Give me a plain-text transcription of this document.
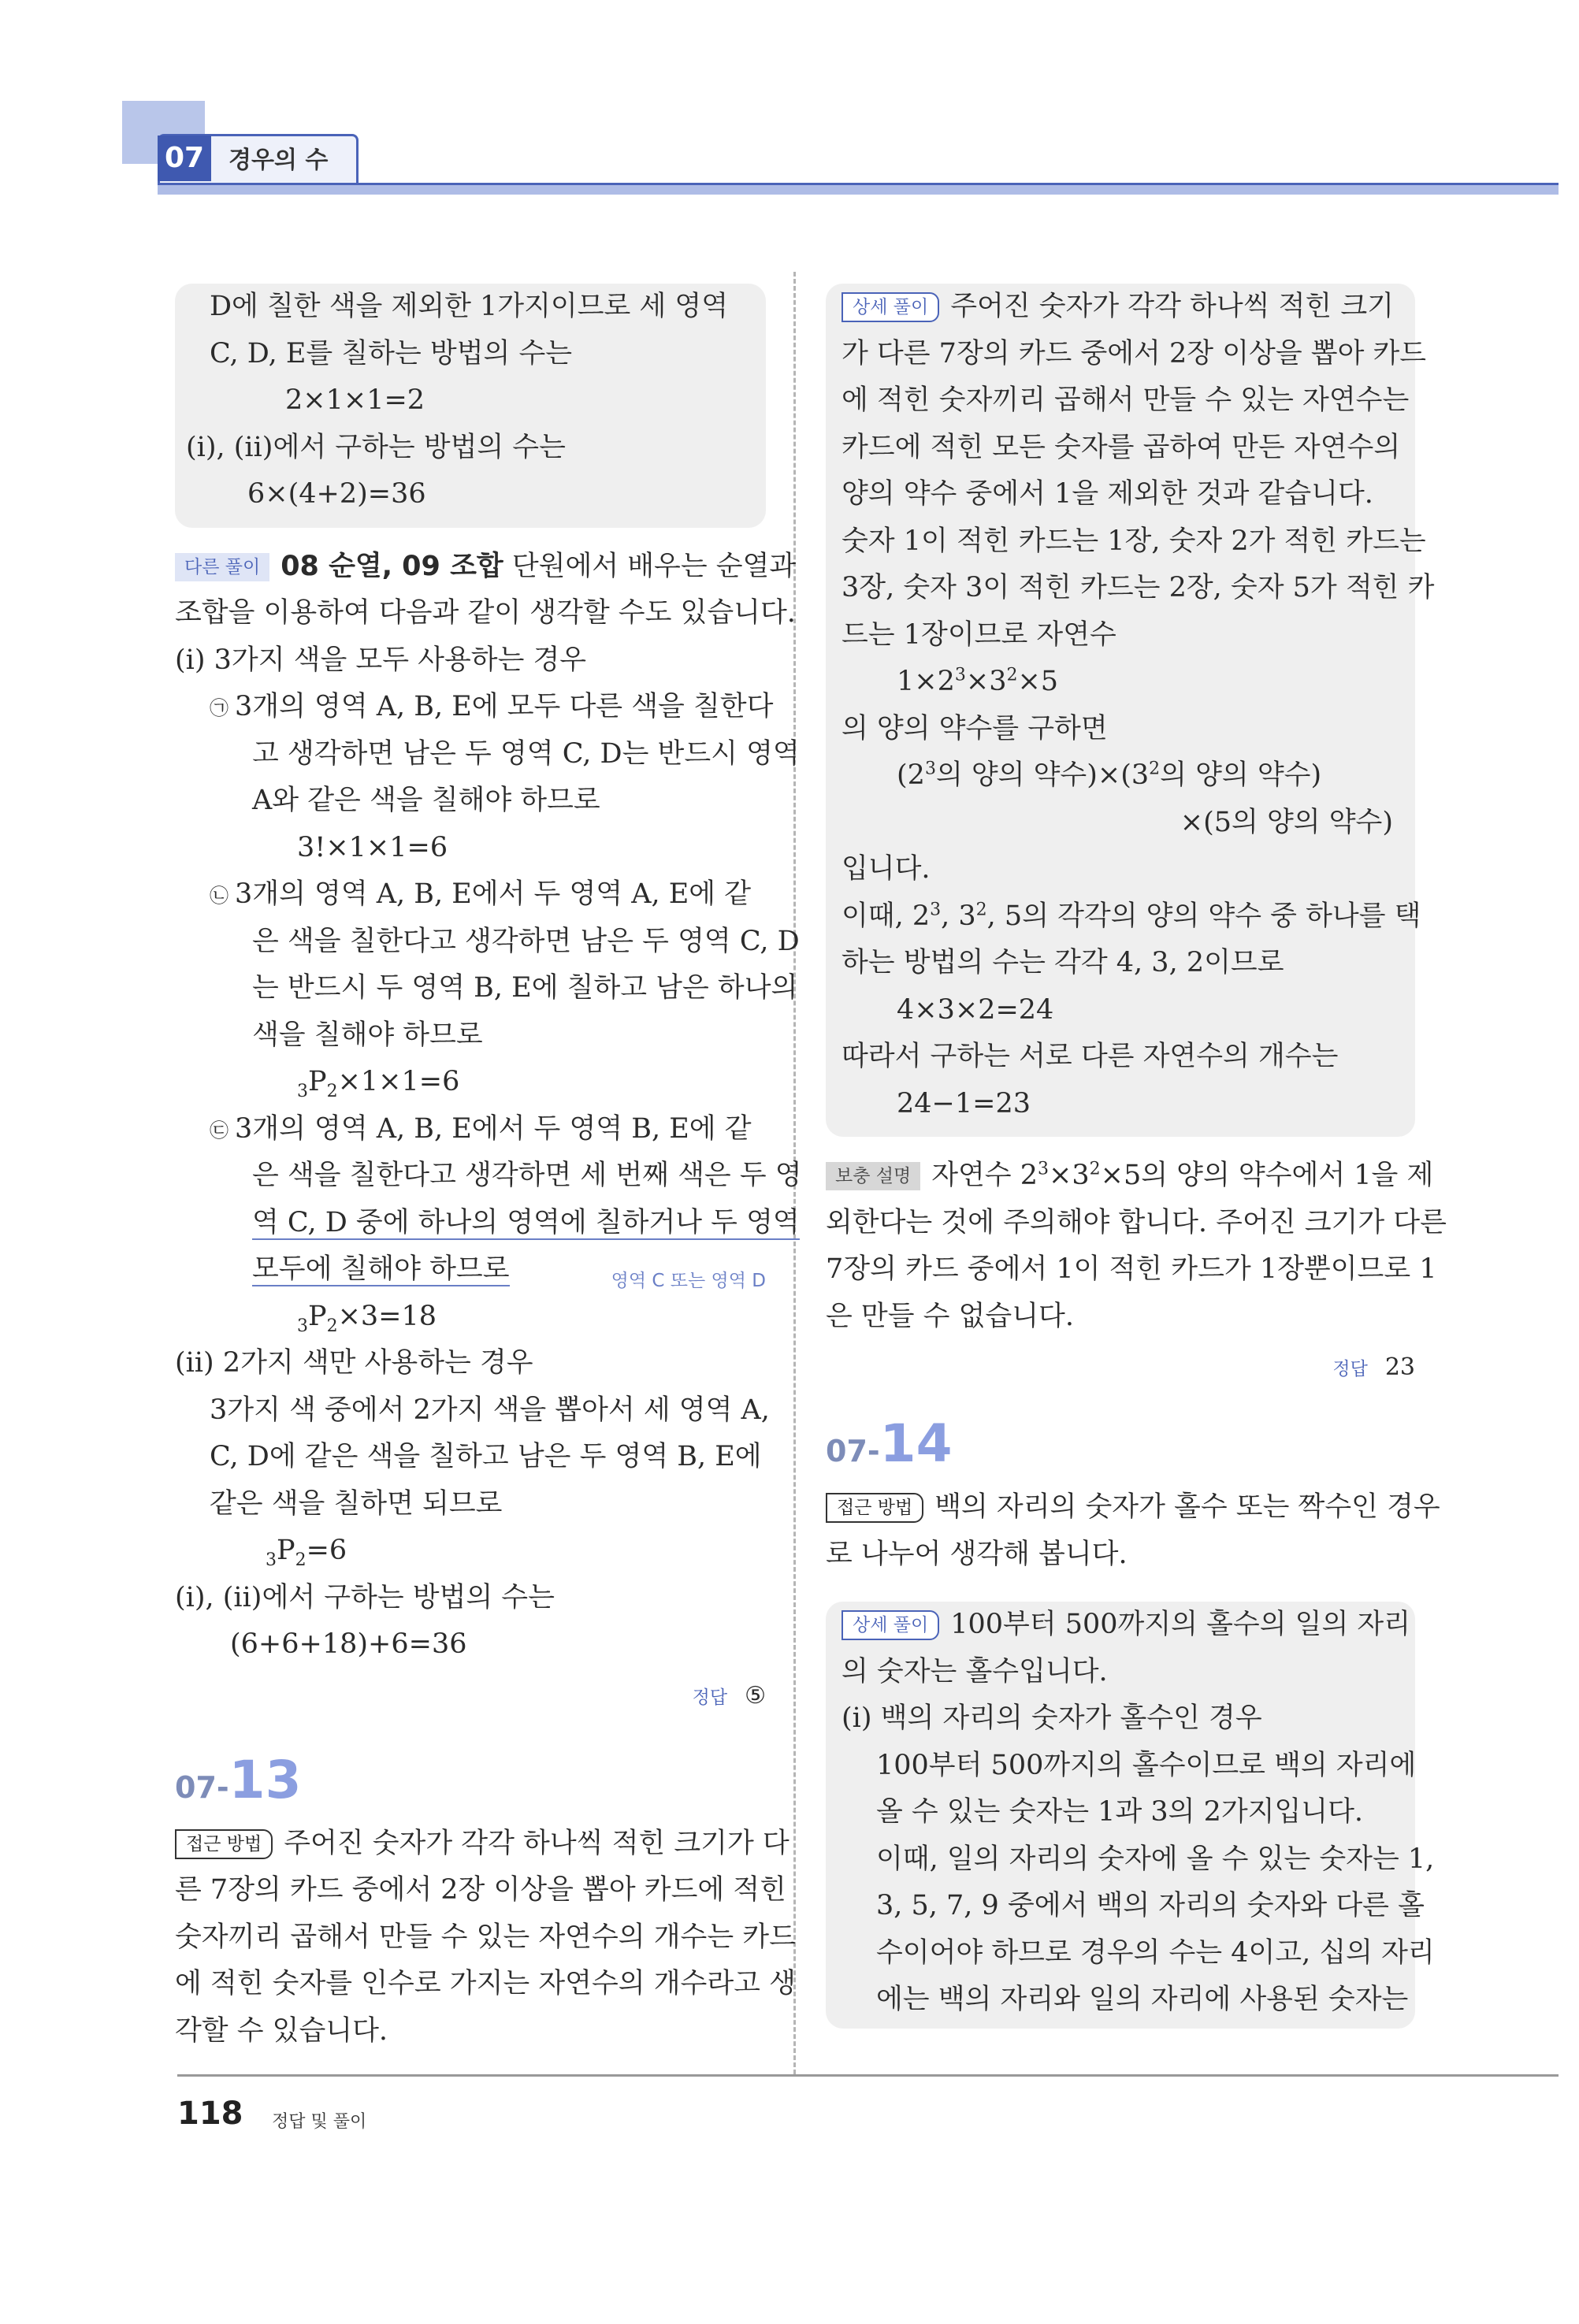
07 경우의 수
D에 칠한 색을 제외한 1가지이므로 세 영역
C, D, E를 칠하는 방법의 수는
2×1×1=2
(ⅰ), (ⅱ)에서 구하는 방법의 수는
6×(4+2)=36
다른 풀이 08 순열, 09 조합 단원에서 배우는 순열과
조합을 이용하여 다음과 같이 생각할 수도 있습니다.
(ⅰ) 3가지 색을 모두 사용하는 경우
㉠ 3개의 영역 A, B, E에 모두 다른 색을 칠한다
고 생각하면 남은 두 영역 C, D는 반드시 영역
A와 같은 색을 칠해야 하므로
3!×1×1=6
㉡ 3개의 영역 A, B, E에서 두 영역 A, E에 같
은 색을 칠한다고 생각하면 남은 두 영역 C, D
는 반드시 두 영역 B, E에 칠하고 남은 하나의
색을 칠해야 하므로
$_3P_2\times 1\times 1=6$
㉢ 3개의 영역 A, B, E에서 두 영역 B, E에 같
은 색을 칠한다고 생각하면 세 번째 색은 두 영
역 C, D 중에 하나의 영역에 칠하거나 두 영역
모두에 칠해야 하므로	영역 C 또는 영역 D
$_3P_2\times 3=18$
(ⅱ) 2가지 색만 사용하는 경우
3가지 색 중에서 2가지 색을 뽑아서 세 영역 A,
C, D에 같은 색을 칠하고 남은 두 영역 B, E에
같은 색을 칠하면 되므로
$_3P_2=6$
(ⅰ), (ⅱ)에서 구하는 방법의 수는
(6+6+18)+6=36
정답 ⑤
07-13
접근 방법 주어진 숫자가 각각 하나씩 적힌 크기가 다
른 7장의 카드 중에서 2장 이상을 뽑아 카드에 적힌
숫자끼리 곱해서 만들 수 있는 자연수의 개수는 카드
에 적힌 숫자를 인수로 가지는 자연수의 개수라고 생
각할 수 있습니다.
상세 풀이 주어진 숫자가 각각 하나씩 적힌 크기
가 다른 7장의 카드 중에서 2장 이상을 뽑아 카드
에 적힌 숫자끼리 곱해서 만들 수 있는 자연수는
카드에 적힌 모든 숫자를 곱하여 만든 자연수의
양의 약수 중에서 1을 제외한 것과 같습니다.
숫자 1이 적힌 카드는 1장, 숫자 2가 적힌 카드는
3장, 숫자 3이 적힌 카드는 2장, 숫자 5가 적힌 카
드는 1장이므로 자연수
$1\times 2^3\times 3^2\times 5$
의 양의 약수를 구하면
($2^3$의 양의 약수)$\times(3^2$의 양의 약수)
×(5의 양의 약수)
입니다.
이때, $2^3$, $3^2$, 5의 각각의 양의 약수 중 하나를 택
하는 방법의 수는 각각 4, 3, 2이므로
4×3×2=24
따라서 구하는 서로 다른 자연수의 개수는
24−1=23
보충 설명 자연수 $2^3\times 3^2\times 5$의 양의 약수에서 1을 제
외한다는 것에 주의해야 합니다. 주어진 크기가 다른
7장의 카드 중에서 1이 적힌 카드가 1장뿐이므로 1
은 만들 수 없습니다.
정답 23
07-14
접근 방법 백의 자리의 숫자가 홀수 또는 짝수인 경우
로 나누어 생각해 봅니다.
상세 풀이 100부터 500까지의 홀수의 일의 자리
의 숫자는 홀수입니다.
(ⅰ) 백의 자리의 숫자가 홀수인 경우
100부터 500까지의 홀수이므로 백의 자리에
올 수 있는 숫자는 1과 3의 2가지입니다.
이때, 일의 자리의 숫자에 올 수 있는 숫자는 1,
3, 5, 7, 9 중에서 백의 자리의 숫자와 다른 홀
수이어야 하므로 경우의 수는 4이고, 십의 자리
에는 백의 자리와 일의 자리에 사용된 숫자는
118 정답 및 풀이
